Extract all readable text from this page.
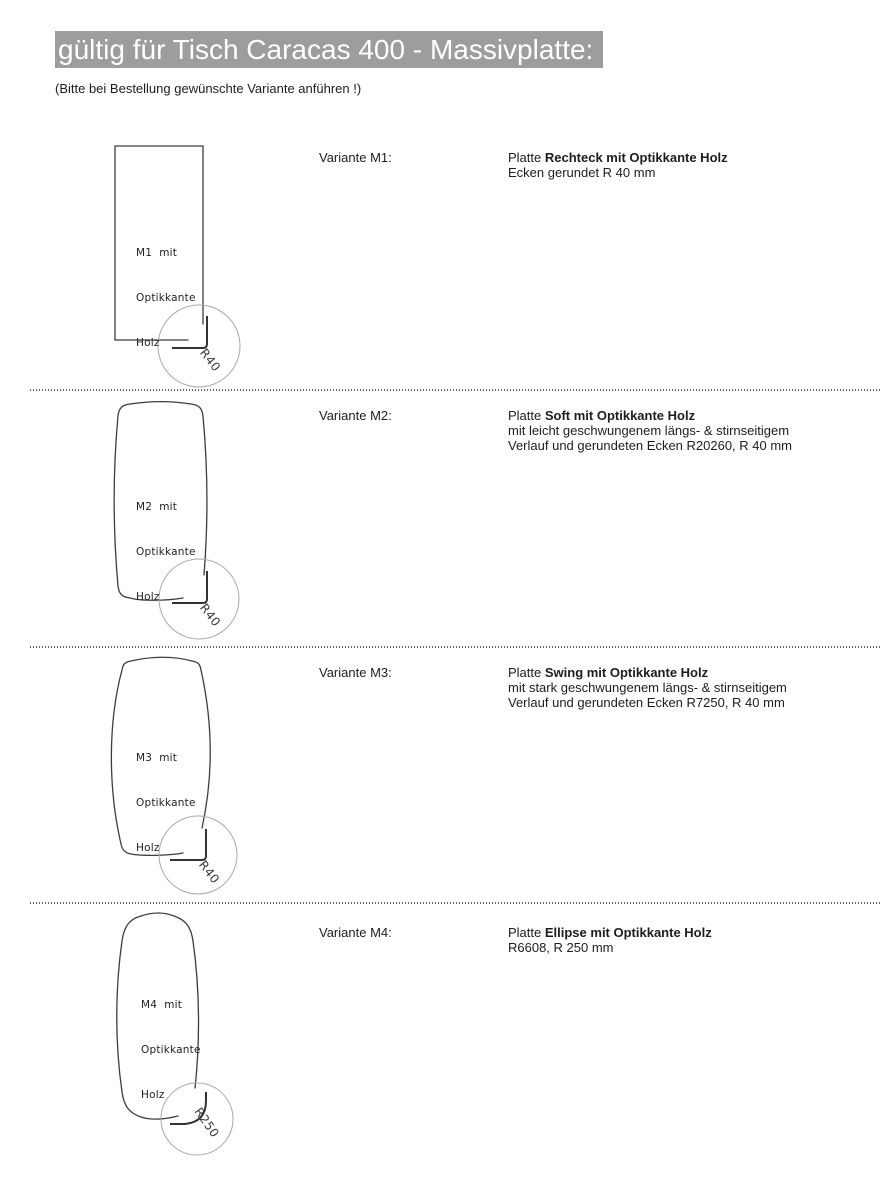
gültig für Tisch Caracas 400 - Massivplatte:
(Bitte bei Bestellung gewünschte Variante anführen !)

M1  mit

Optikkante

Holz

M2  mit

Optikkante

Holz

M3  mit

Optikkante

Holz

M4  mit

Optikkante

Holz

R40
R40
R40
R250
Variante M1:	Platte Rechteck mit Optikkante Holz
Ecken gerundet R 40 mm
Variante M2:	Platte Soft mit Optikkante Holz
mit leicht geschwungenem längs- & stirnseitigem
Verlauf und gerundeten Ecken R20260, R 40 mm
Variante M3:	Platte Swing mit Optikkante Holz
mit stark geschwungenem längs- & stirnseitigem
Verlauf und gerundeten Ecken R7250, R 40 mm
Variante M4:	Platte Ellipse mit Optikkante Holz
R6608, R 250 mm
